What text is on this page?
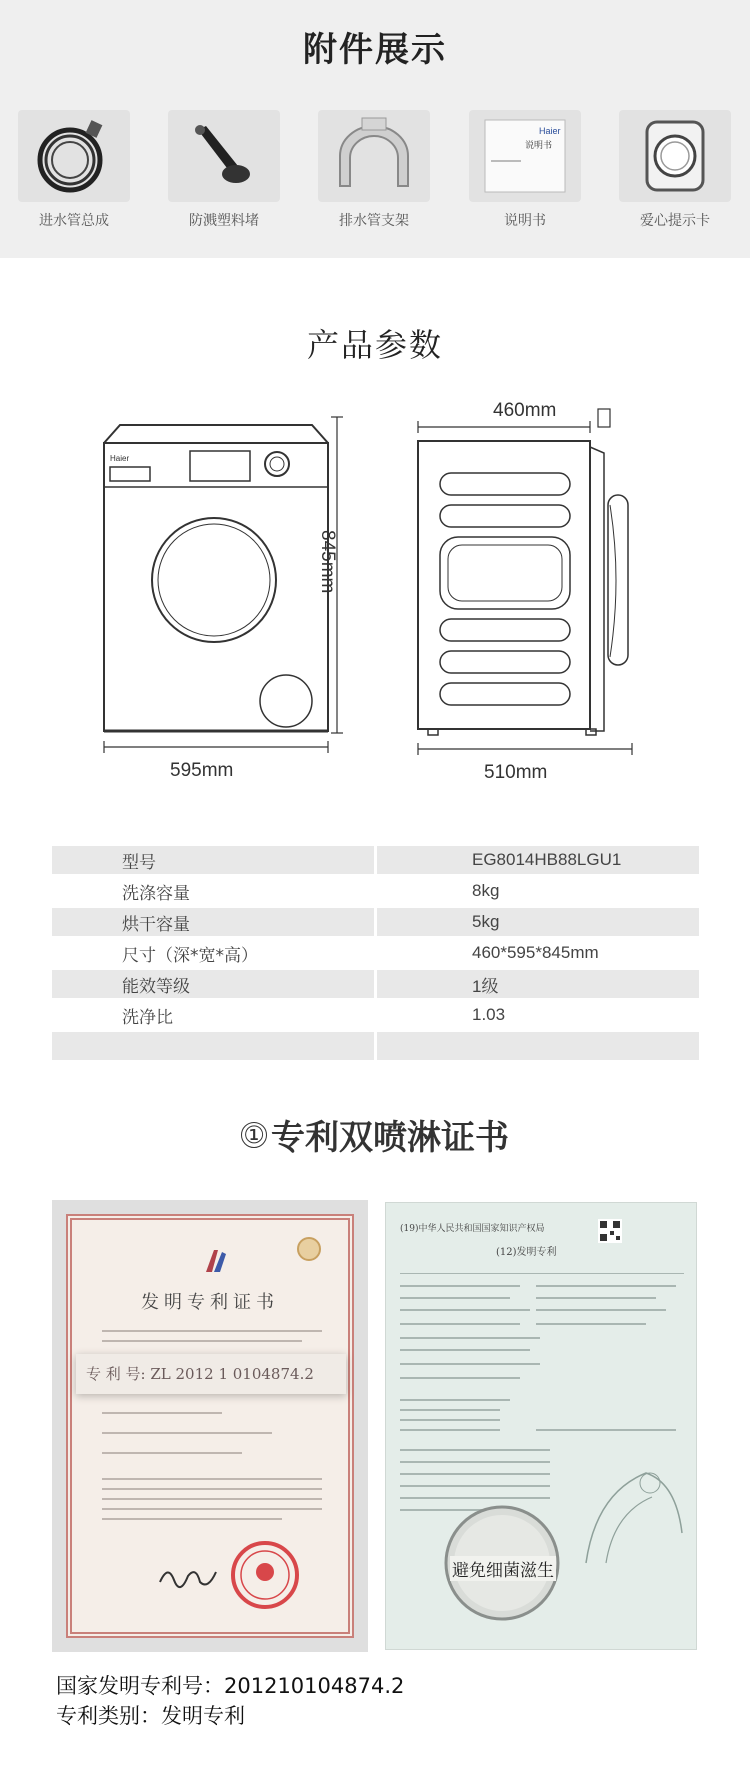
附件展示
进水管总成	防溅塑料堵	排水管支架
Haier
说明书
说明书	爱心提示卡
产品参数
Haier
595mm
845mm
460mm
510mm
型号		EG8014HB88LGU1
洗涤容量		8kg
烘干容量		5kg
尺寸（深*宽*高）		460*595*845mm
能效等级		1级
洗净比		1.03

① 专利双喷淋证书
发明专利证书
专 利 号: ZL 2012 1 0104874.2
(19)中华人民共和国国家知识产权局
(12)发明专利
避免细菌滋生
国家发明专利号：201210104874.2
专利类别：发明专利
